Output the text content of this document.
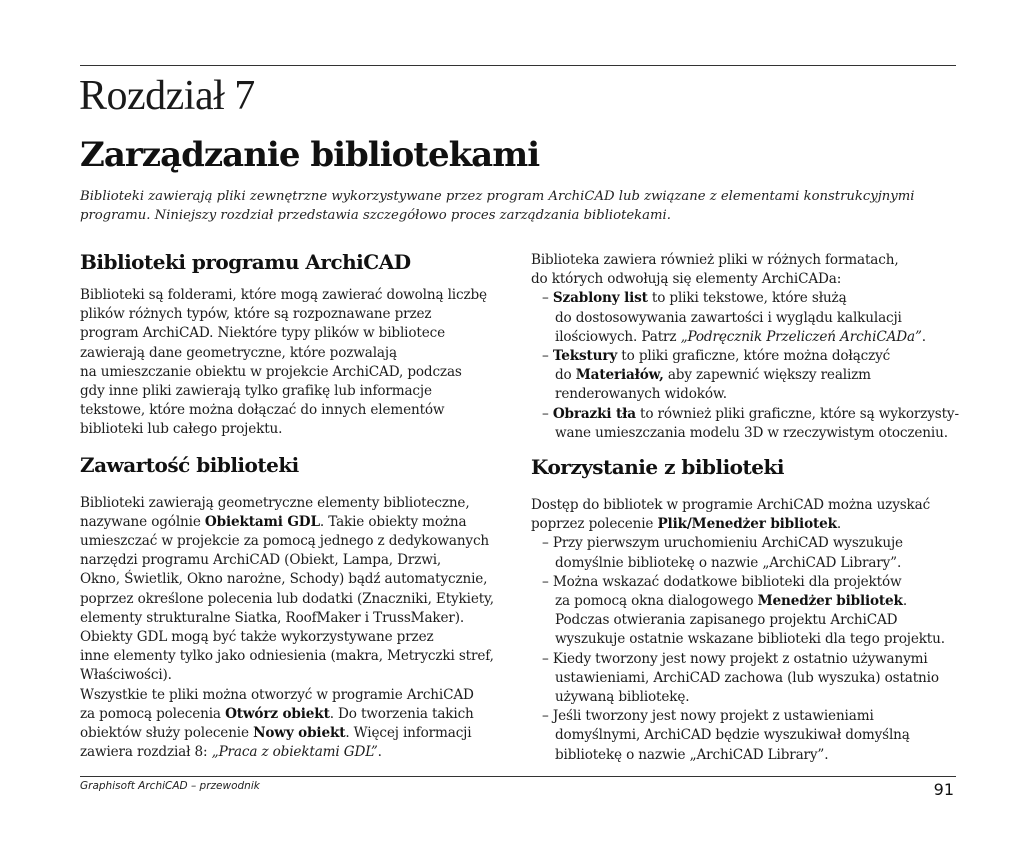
Rozdział 7
Zarządzanie bibliotekami

Biblioteki zawierają pliki zewnętrzne wykorzystywane przez program ArchiCAD lub związane z elementami konstrukcyjnymi
programu. Niniejszy rozdział przedstawia szczegółowo proces zarządzania bibliotekami.

Biblioteki programu ArchiCAD
Biblioteki są folderami, które mogą zawierać dowolną liczbę
plików różnych typów, które są rozpoznawane przez
program ArchiCAD. Niektóre typy plików w bibliotece
zawierają dane geometryczne, które pozwalają
na umieszczanie obiektu w projekcie ArchiCAD, podczas
gdy inne pliki zawierają tylko grafikę lub informacje
tekstowe, które można dołączać do innych elementów
biblioteki lub całego projektu.
Zawartość biblioteki
Biblioteki zawierają geometryczne elementy biblioteczne,
nazywane ogólnie Obiektami GDL. Takie obiekty można
umieszczać w projekcie za pomocą jednego z dedykowanych
narzędzi programu ArchiCAD (Obiekt, Lampa, Drzwi,
Okno, Świetlik, Okno narożne, Schody) bądź automatycznie,
poprzez określone polecenia lub dodatki (Znaczniki, Etykiety,
elementy strukturalne Siatka, RoofMaker i TrussMaker).
Obiekty GDL mogą być także wykorzystywane przez
inne elementy tylko jako odniesienia (makra, Metryczki stref,
Właściwości).
Wszystkie te pliki można otworzyć w programie ArchiCAD
za pomocą polecenia Otwórz obiekt. Do tworzenia takich
obiektów służy polecenie Nowy obiekt. Więcej informacji
zawiera rozdział 8: „Praca z obiektami GDL”.
Biblioteka zawiera również pliki w różnych formatach,
do których odwołują się elementy ArchiCADa:
– Szablony list to pliki tekstowe, które służą
do dostosowywania zawartości i wyglądu kalkulacji
ilościowych. Patrz „Podręcznik Przeliczeń ArchiCADa”.
– Tekstury to pliki graficzne, które można dołączyć
do Materiałów, aby zapewnić większy realizm
renderowanych widoków.
– Obrazki tła to również pliki graficzne, które są wykorzysty-
wane umieszczania modelu 3D w rzeczywistym otoczeniu.
Korzystanie z biblioteki
Dostęp do bibliotek w programie ArchiCAD można uzyskać
poprzez polecenie Plik/Menedżer bibliotek.
– Przy pierwszym uruchomieniu ArchiCAD wyszukuje
domyślnie bibliotekę o nazwie „ArchiCAD Library”.
– Można wskazać dodatkowe biblioteki dla projektów
za pomocą okna dialogowego Menedżer bibliotek.
Podczas otwierania zapisanego projektu ArchiCAD
wyszukuje ostatnie wskazane biblioteki dla tego projektu.
– Kiedy tworzony jest nowy projekt z ostatnio używanymi
ustawieniami, ArchiCAD zachowa (lub wyszuka) ostatnio
używaną bibliotekę.
– Jeśli tworzony jest nowy projekt z ustawieniami
domyślnymi, ArchiCAD będzie wyszukiwał domyślną
bibliotekę o nazwie „ArchiCAD Library”.
Graphisoft ArchiCAD – przewodnik	91
